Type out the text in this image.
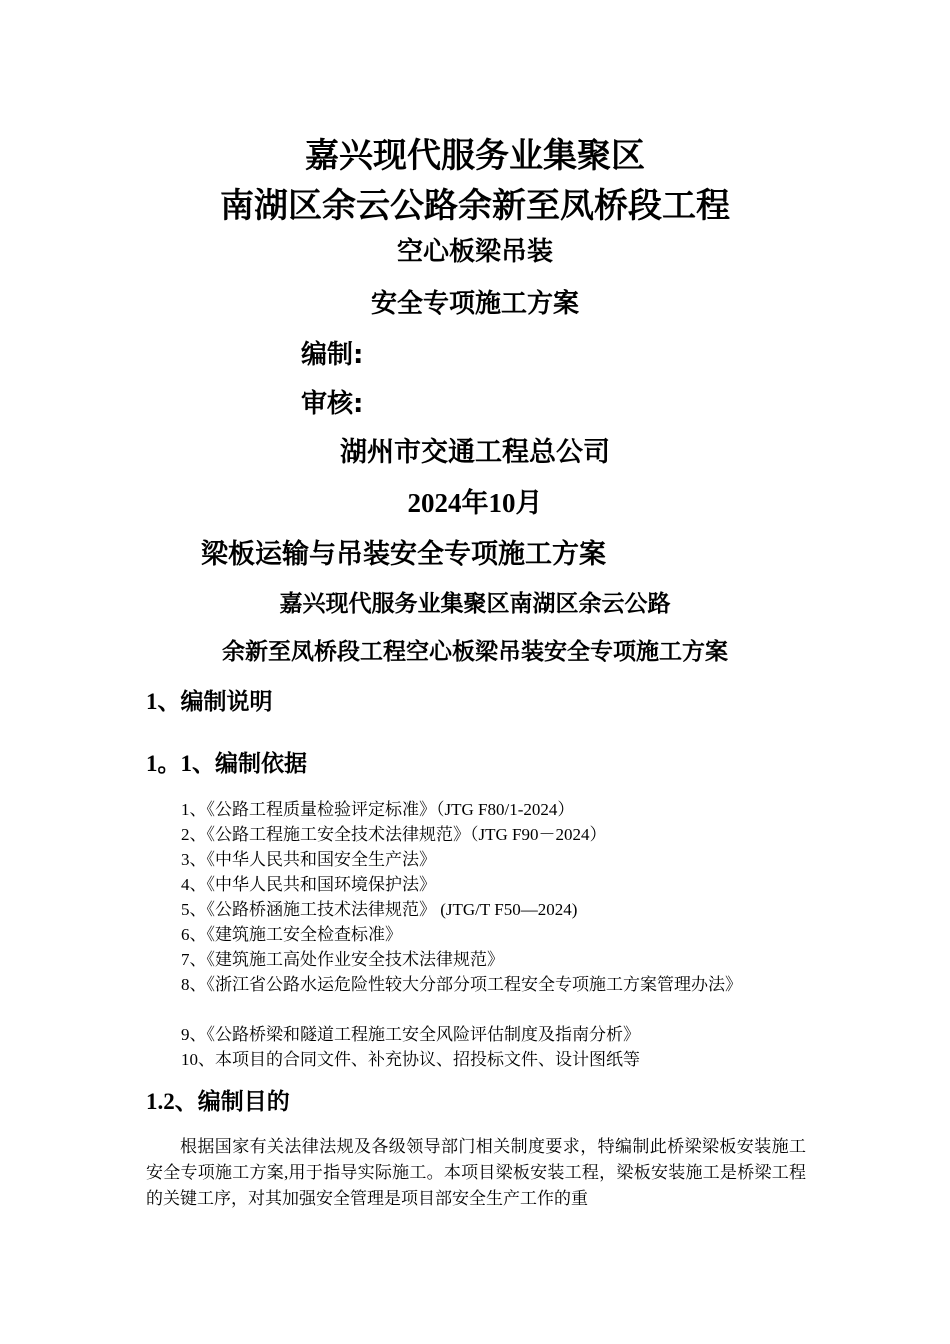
嘉兴现代服务业集聚区
南湖区余云公路余新至凤桥段工程
空心板梁吊装
安全专项施工方案
编制:
审核:
湖州市交通工程总公司
2024年10月
梁板运输与吊装安全专项施工方案
嘉兴现代服务业集聚区南湖区余云公路
余新至凤桥段工程空心板梁吊装安全专项施工方案
1、编制说明
1。1、编制依据
1、《公路工程质量检验评定标准》（JTG F80/1-2024）
2、《公路工程施工安全技术法律规范》（JTG F90－2024）
3、《中华人民共和国安全生产法》
4、《中华人民共和国环境保护法》
5、《公路桥涵施工技术法律规范》 (JTG/T F50—2024)
6、《建筑施工安全检查标准》
7、《建筑施工高处作业安全技术法律规范》
8、《浙江省公路水运危险性较大分部分项工程安全专项施工方案管理办法》
9、《公路桥梁和隧道工程施工安全风险评估制度及指南分析》
10、本项目的合同文件、补充协议、招投标文件、设计图纸等
1.2、编制目的
根据国家有关法律法规及各级领导部门相关制度要求，特编制此桥梁梁板安装施工安全专项施工方案,用于指导实际施工。本项目梁板安装工程，梁板安装施工是桥梁工程的关键工序，对其加强安全管理是项目部安全生产工作的重
